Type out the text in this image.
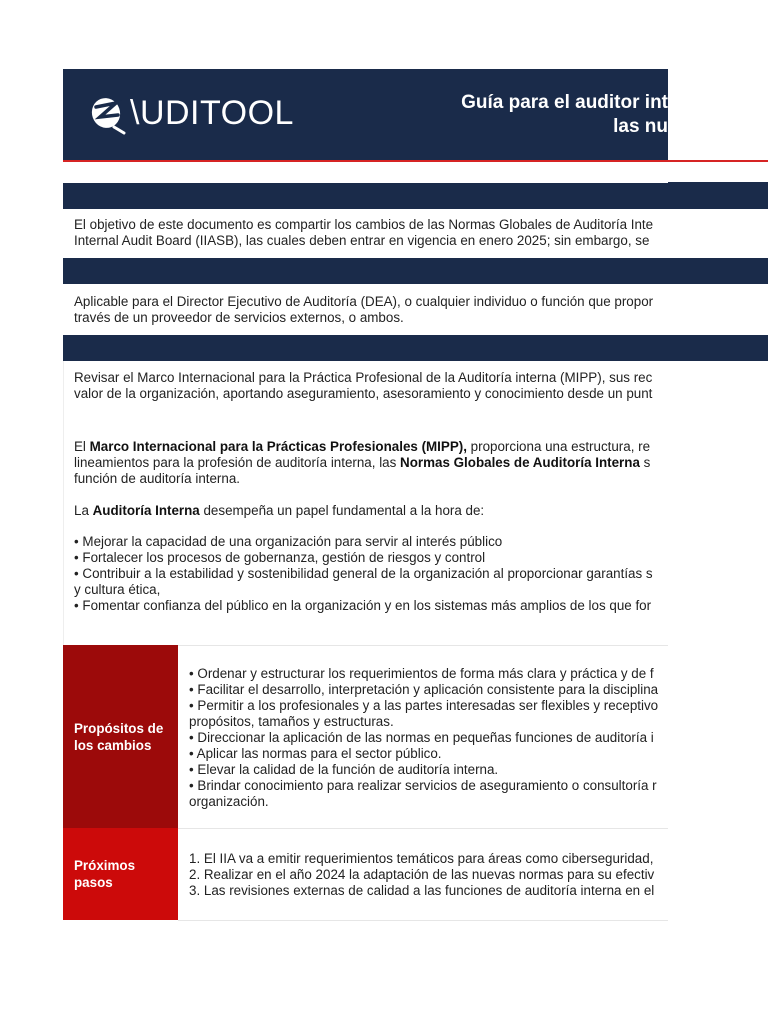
\UDITOOL	Guía para el auditor int
las nu
El objetivo de este documento es compartir los cambios de las Normas Globales de Auditoría Inte
Internal Audit Board (IIASB), las cuales deben entrar en vigencia en enero 2025; sin embargo, se
Aplicable para el Director Ejecutivo de Auditoría (DEA), o cualquier individuo o función que propor
través de un proveedor de servicios externos, o ambos.
Revisar el Marco Internacional para la Práctica Profesional de la Auditoría interna (MIPP), sus rec
valor de la organización, aportando aseguramiento, asesoramiento y conocimiento desde un punt
El Marco Internacional para la Prácticas Profesionales (MIPP), proporciona una estructura, re
lineamientos para la profesión de auditoría interna, las Normas Globales de Auditoría Interna s
función de auditoría interna.
La Auditoría Interna desempeña un papel fundamental a la hora de:
• Mejorar la capacidad de una organización para servir al interés público
• Fortalecer los procesos de gobernanza, gestión de riesgos y control
• Contribuir a la estabilidad y sostenibilidad general de la organización al proporcionar garantías s
y cultura ética,
• Fomentar confianza del público en la organización y en los sistemas más amplios de los que for
Propósitos de los cambios
• Ordenar y estructurar los requerimientos de forma más clara y práctica y de f
• Facilitar el desarrollo, interpretación y aplicación consistente para la disciplina
• Permitir a los profesionales y a las partes interesadas ser flexibles y receptivo
propósitos, tamaños y estructuras.
• Direccionar la aplicación de las normas en pequeñas funciones de auditoría i
• Aplicar las normas para el sector público.
• Elevar la calidad de la función de auditoría interna.
• Brindar conocimiento para realizar servicios de aseguramiento o consultoría r
organización.
Próximos pasos
1. El IIA va a emitir requerimientos temáticos para áreas como ciberseguridad,
2. Realizar en el año 2024 la adaptación de las nuevas normas para su efectiv
3. Las revisiones externas de calidad a las funciones de auditoría interna en el
